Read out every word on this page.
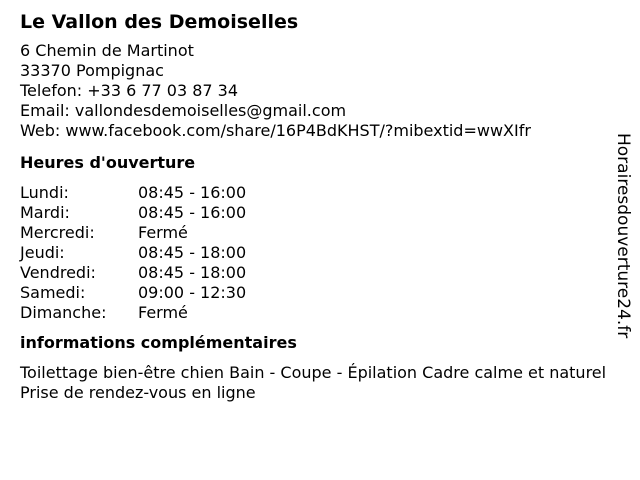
Le Vallon des Demoiselles
6 Chemin de Martinot
33370 Pompignac
Telefon: +33 6 77 03 87 34
Email: vallondesdemoiselles@gmail.com
Web: www.facebook.com/share/16P4BdKHST/?mibextid=wwXIfr
Heures d'ouverture
Lundi:	08:45 - 16:00
Mardi:	08:45 - 16:00
Mercredi:	Fermé
Jeudi:	08:45 - 18:00
Vendredi:	08:45 - 18:00
Samedi:	09:00 - 12:30
Dimanche:	Fermé
informations complémentaires
Toilettage bien-être chien Bain - Coupe - Épilation Cadre calme et naturel Prise de rendez-vous en ligne
Horairesdouverture24.fr
